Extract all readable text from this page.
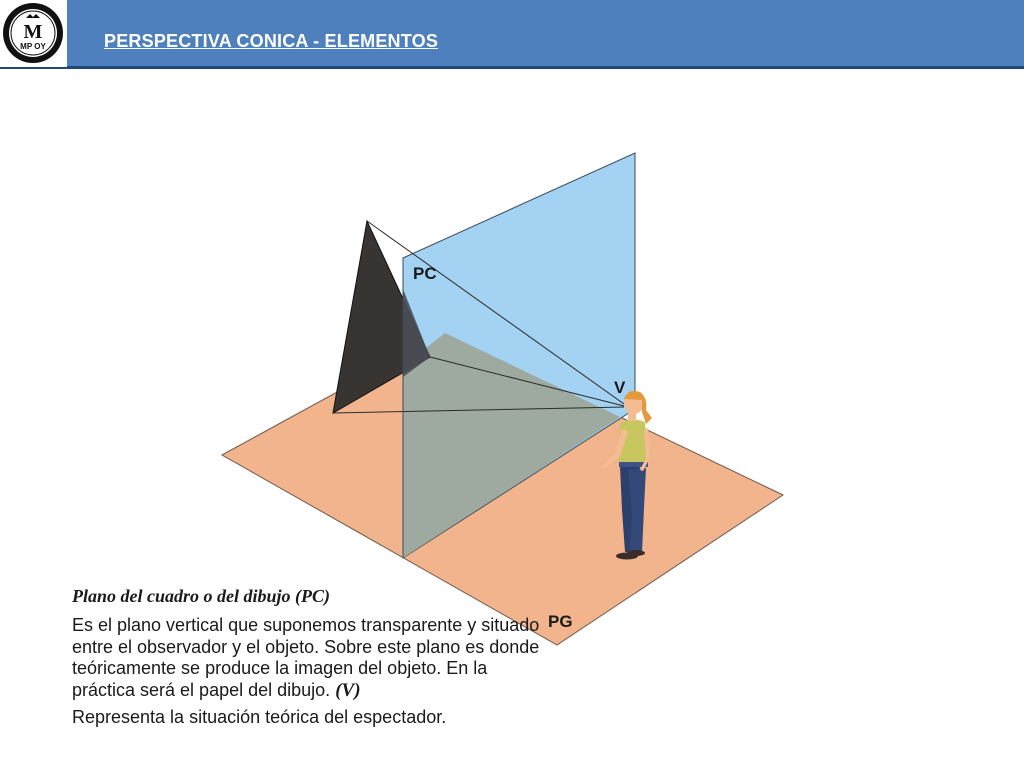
M
MP OY	PERSPECTIVA CONICA - ELEMENTOS
PC
V
PG

Plano del cuadro o del dibujo (PC)

Es el plano vertical que suponemos transparente y situado entre el observador y el objeto. Sobre este plano es donde teóricamente se produce la imagen del objeto. En la práctica será el papel del dibujo. (V)

Representa la situación teórica del espectador.
